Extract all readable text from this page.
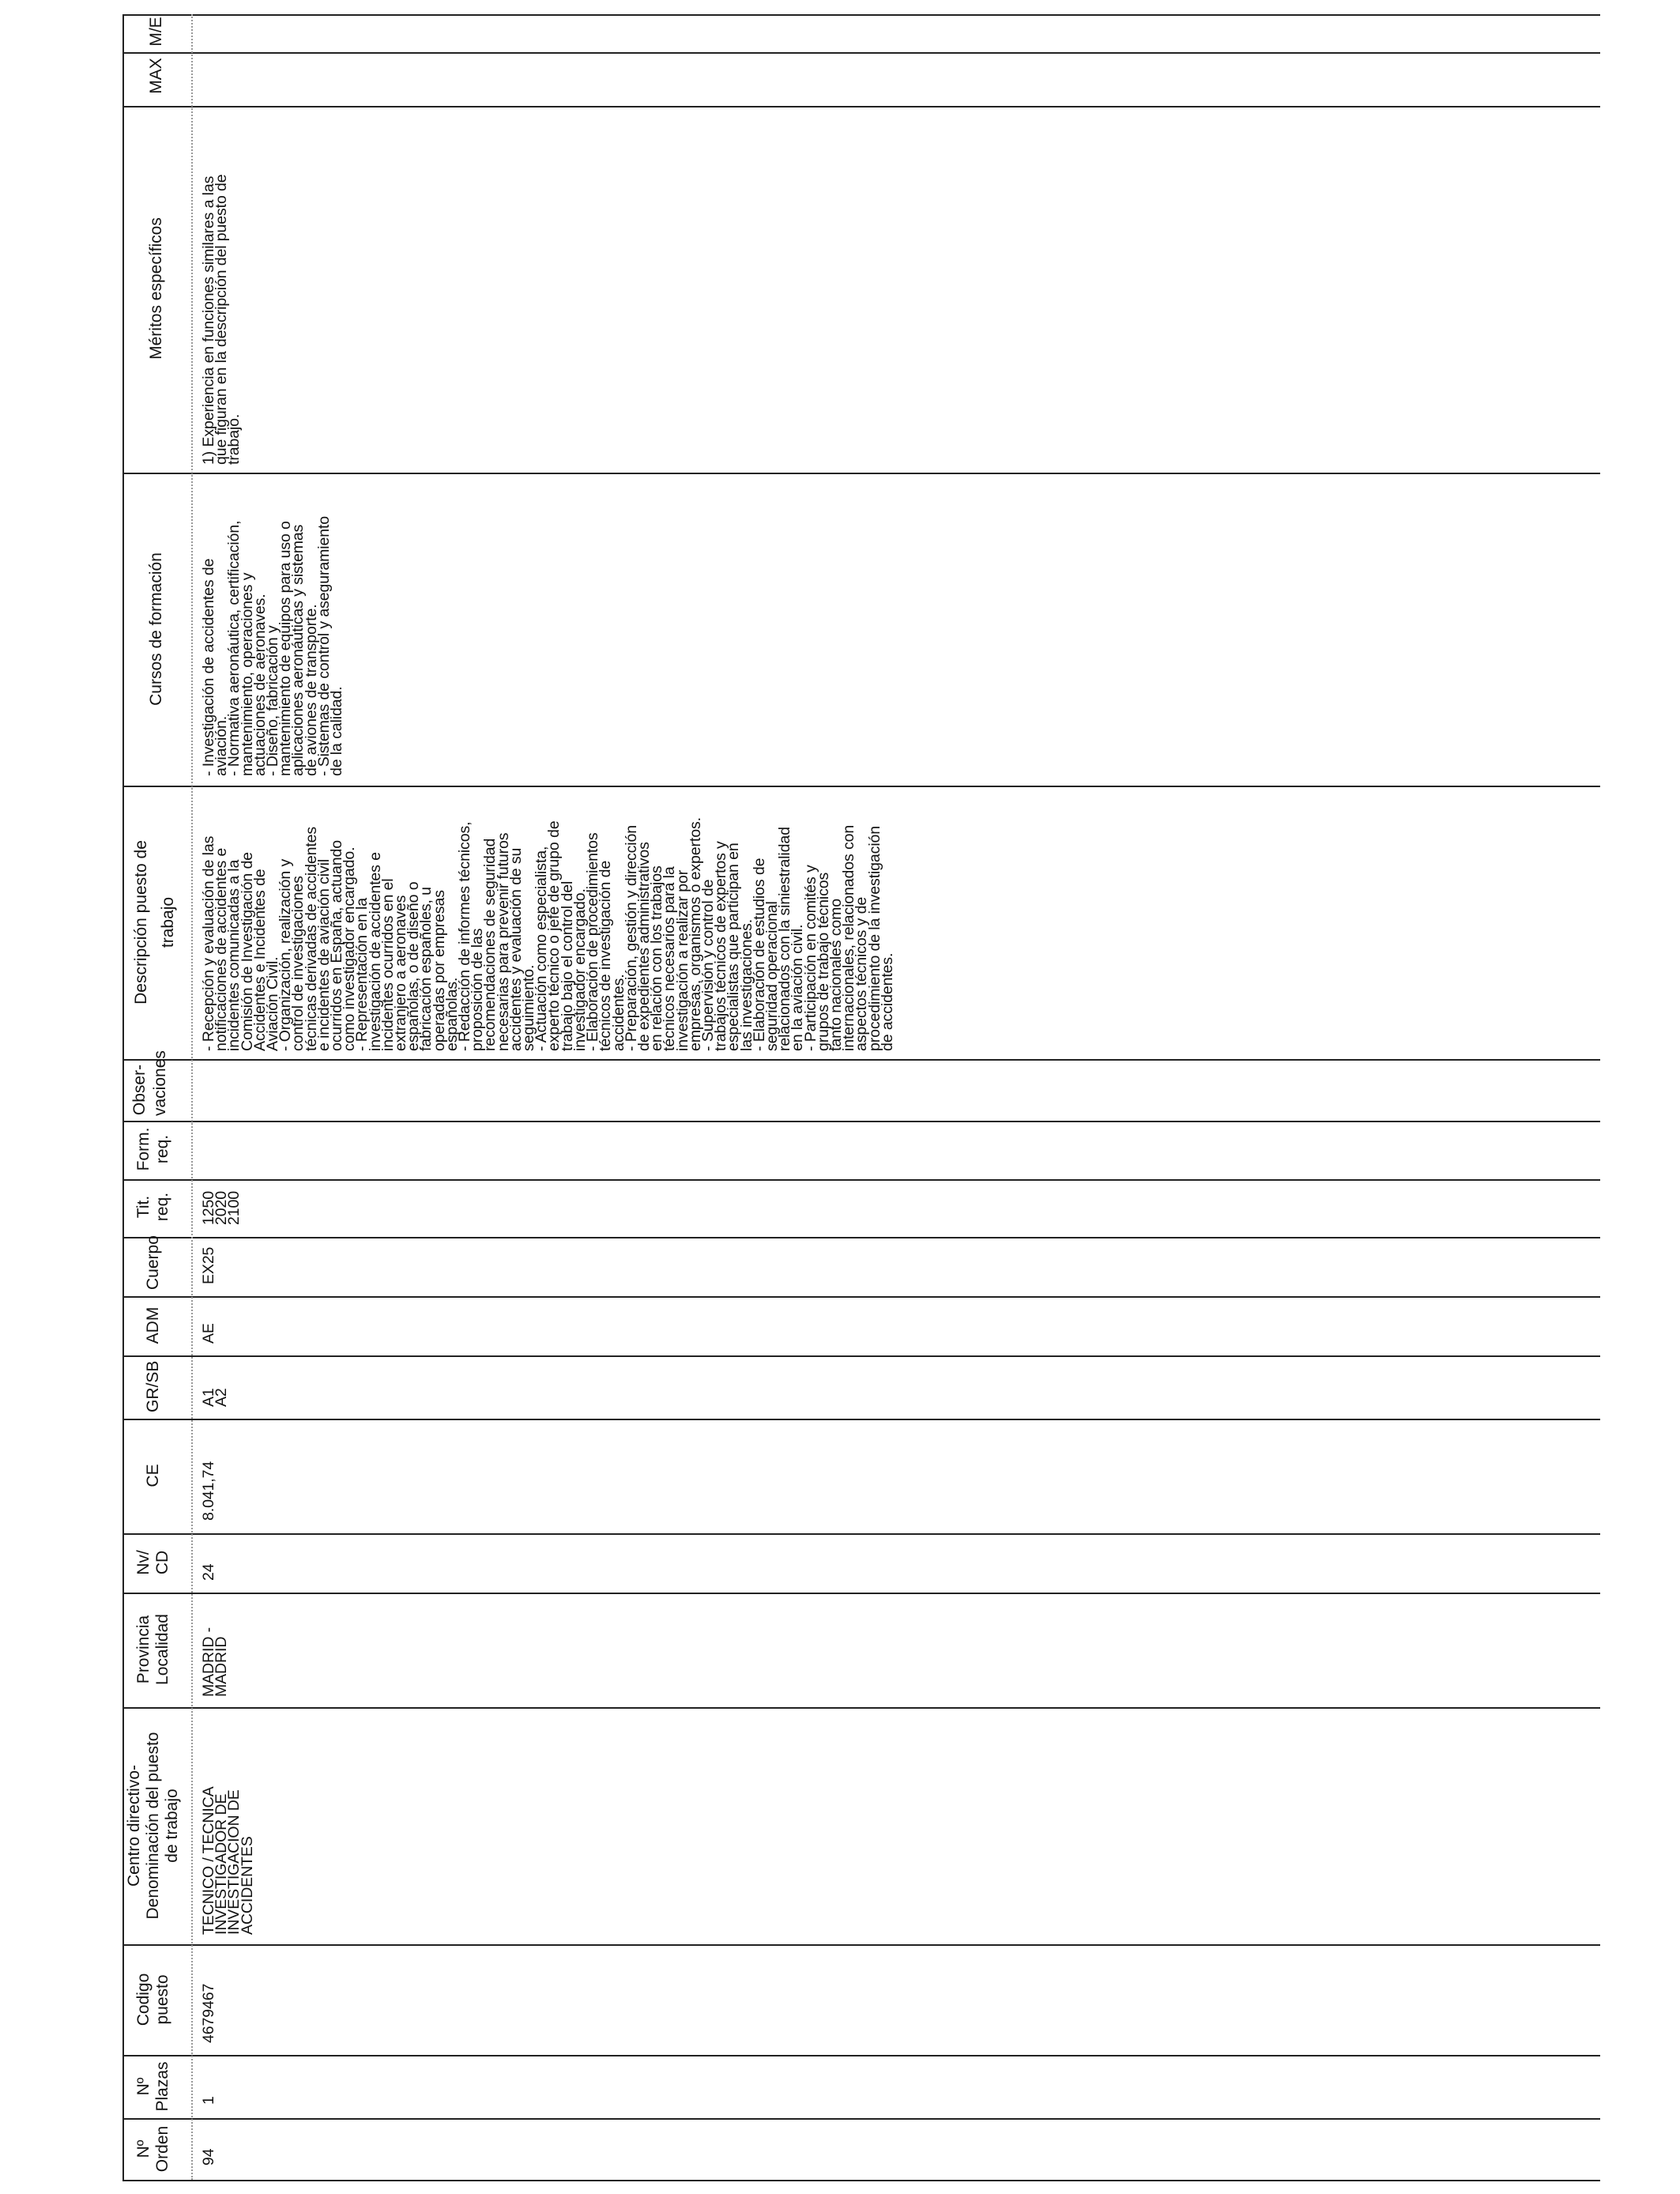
Nº
Orden
Nº
Plazas
Codigo
puesto
Centro directivo-
Denominación del puesto
de trabajo
Provincia
Localidad
Nv/
CD
CE
GR/SB
ADM
Cuerpo
Tit.
req.
Form.
req.
Obser-
vaciones
Descripción puesto de
trabajo
Cursos de formación
Méritos específicos
MAX
M/E
94
1
4679467
TECNICO / TECNICA
INVESTIGADOR DE
INVESTIGACION DE
ACCIDENTES
MADRID -
MADRID
24
8.041,74
A1
A2
AE
EX25
1250
2020
2100
- Recepción y evaluación de las
notificaciones de accidentes e
incidentes comunicadas a la
Comisión de Investigación de
Accidentes e Incidentes de
Aviación Civil.
- Organización, realización y
control de investigaciones
técnicas derivadas de accidentes
e incidentes de aviación civil
ocurridos en España, actuando
como investigador encargado.
- Representación en la
investigación de accidentes e
incidentes ocurridos en el
extranjero a aeronaves
españolas, o de diseño o
fabricación españoles, u
operadas por empresas
españolas.
- Redacción de informes técnicos,
proposición de las
recomendaciones de seguridad
necesarias para prevenir futuros
accidentes y evaluación de su
seguimiento.
- Actuación como especialista,
experto técnico o jefe de grupo de
trabajo bajo el control del
investigador encargado.
- Elaboración de procedimientos
técnicos de investigación de
accidentes.
- Preparación, gestión y dirección
de expedientes administrativos
en relación con los trabajos
técnicos necesarios para la
investigación a realizar por
empresas, organismos o expertos.
- Supervisión y control de
trabajos técnicos de expertos y
especialistas que participan en
las investigaciones.
- Elaboración de estudios de
seguridad operacional
relacionados con la siniestralidad
en la aviación civil.
- Participación en comités y
grupos de trabajo técnicos
tanto nacionales como
internacionales, relacionados con
aspectos técnicos y de
procedimiento de la investigación
de accidentes.
- Investigación de accidentes de
aviación.
- Normativa aeronáutica, certificación,
mantenimiento, operaciones y
actuaciones de aeronaves.
- Diseño, fabricación y
mantenimiento de equipos para uso o
aplicaciones aeronáuticas y sistemas
de aviones de transporte.
- Sistemas de control y aseguramiento
de la calidad.
1) Experiencia en funciones similares a las
que figuran en la descripción del puesto de
trabajo.
